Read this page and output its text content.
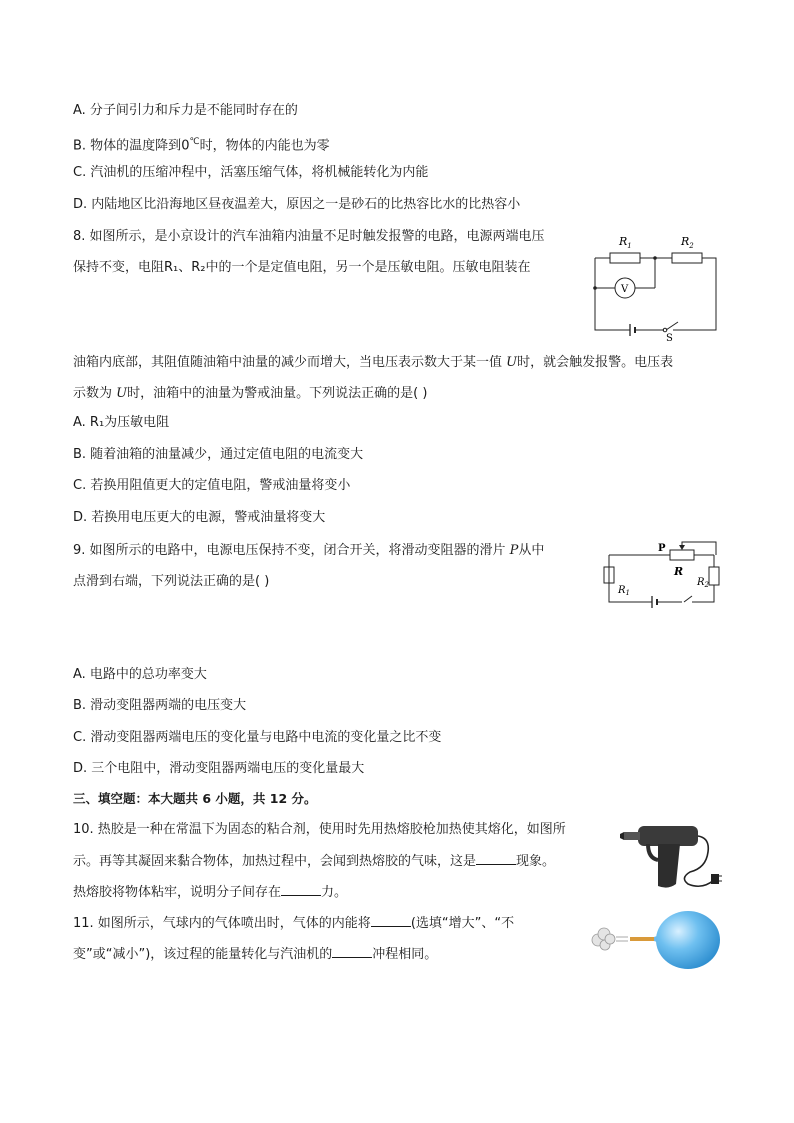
A. 分子间引力和斥力是不能同时存在的
B. 物体的温度降到0℃时，物体的内能也为零
C. 汽油机的压缩冲程中，活塞压缩气体，将机械能转化为内能
D. 内陆地区比沿海地区昼夜温差大，原因之一是砂石的比热容比水的比热容小
8. 如图所示，是小京设计的汽车油箱内油量不足时触发报警的电路，电源两端电压
保持不变，电阻R₁、R₂中的一个是定值电阻，另一个是压敏电阻。压敏电阻装在
油箱内底部，其阻值随油箱中油量的减少而增大，当电压表示数大于某一值 U时，就会触发报警。电压表
示数为 U时，油箱中的油量为警戒油量。下列说法正确的是( )
A. R₁为压敏电阻
B. 随着油箱的油量减少，通过定值电阻的电流变大
C. 若换用阻值更大的定值电阻，警戒油量将变小
D. 若换用电压更大的电源，警戒油量将变大
$R_1$	$R_2$
V
S
9. 如图所示的电路中，电源电压保持不变，闭合开关，将滑动变阻器的滑片 P从中
点滑到右端，下列说法正确的是( )
A. 电路中的总功率变大
B. 滑动变阻器两端的电压变大
C. 滑动变阻器两端电压的变化量与电路中电流的变化量之比不变
D. 三个电阻中，滑动变阻器两端电压的变化量最大
P
R
$R_1$
$R_2$
三、填空题：本大题共 6 小题，共 12 分。
10. 热胶是一种在常温下为固态的粘合剂，使用时先用热熔胶枪加热使其熔化，如图所
示。再等其凝固来黏合物体，加热过程中，会闻到热熔胶的气味，这是	现象。
热熔胶将物体粘牢，说明分子间存在	力。
11. 如图所示，气球内的气体喷出时，气体的内能将	(选填“增大”、“不
变”或“减小”)，该过程的能量转化与汽油机的	冲程相同。
